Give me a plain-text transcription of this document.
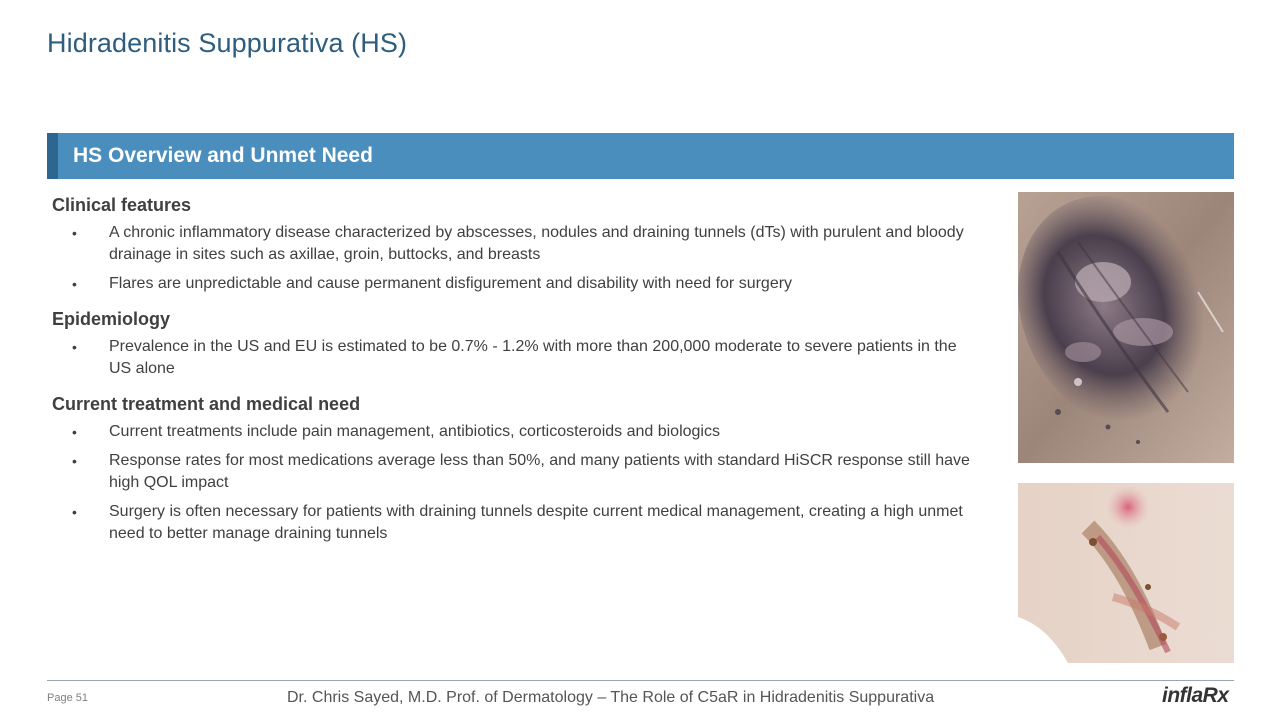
Hidradenitis Suppurativa (HS)
HS Overview and Unmet Need
Clinical features
• A chronic inflammatory disease characterized by abscesses, nodules and draining tunnels (dTs) with purulent and bloody drainage in sites such as axillae, groin, buttocks, and breasts
• Flares are unpredictable and cause permanent disfigurement and disability with need for surgery
Epidemiology
• Prevalence in the US and EU is estimated to be 0.7% - 1.2% with more than 200,000 moderate to severe patients in the US alone
Current treatment and medical need
• Current treatments include pain management, antibiotics, corticosteroids and biologics
• Response rates for most medications average less than 50%, and many patients with standard HiSCR response still have high QOL impact
• Surgery is often necessary for patients with draining tunnels despite current medical management, creating a high unmet need to better manage draining tunnels
Page 51	Dr. Chris Sayed, M.D. Prof. of Dermatology – The Role of C5aR in Hidradenitis Suppurativa	inflaRx
